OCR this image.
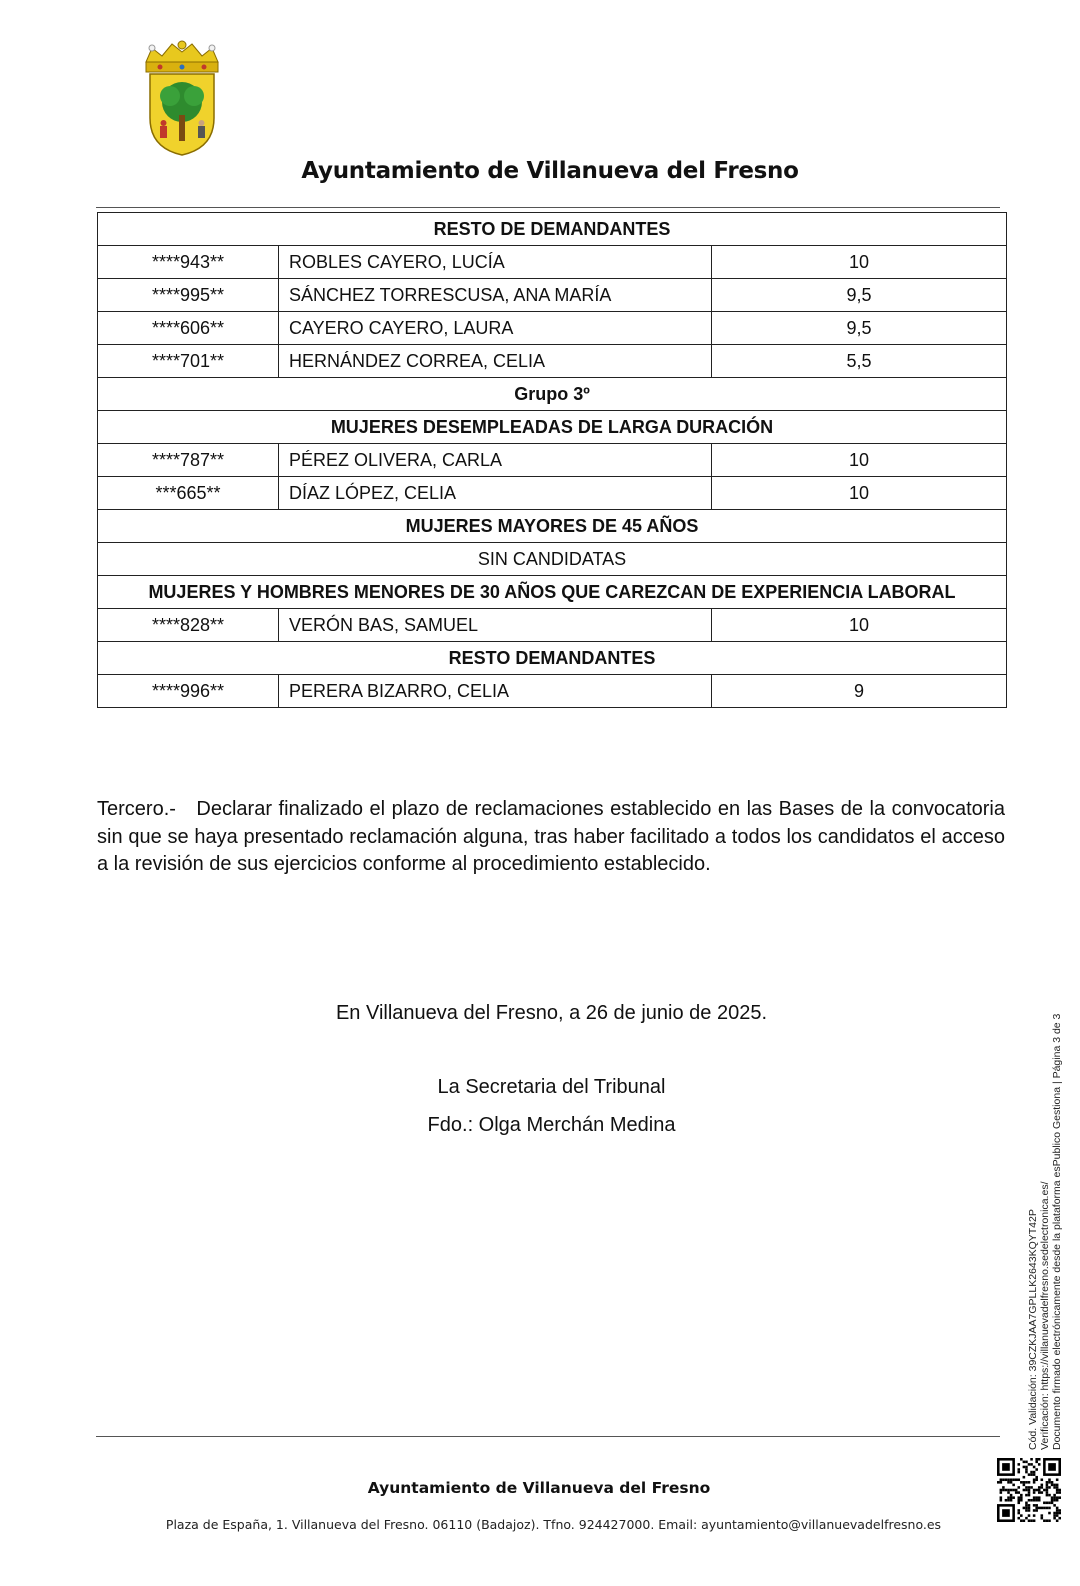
Ayuntamiento de Villanueva del Fresno
RESTO DE DEMANDANTES		
****943**	ROBLES CAYERO, LUCÍA	10
****995**	SÁNCHEZ TORRESCUSA, ANA MARÍA	9,5
****606**	CAYERO CAYERO, LAURA	9,5
****701**	HERNÁNDEZ CORREA, CELIA	5,5
Grupo 3º		
MUJERES DESEMPLEADAS DE LARGA DURACIÓN		
****787**	PÉREZ OLIVERA, CARLA	10
***665**	DÍAZ LÓPEZ, CELIA	10
MUJERES MAYORES DE 45 AÑOS		
SIN CANDIDATAS		
MUJERES Y HOMBRES MENORES DE 30 AÑOS QUE CAREZCAN DE EXPERIENCIA LABORAL		
****828**	VERÓN BAS, SAMUEL	10
RESTO DEMANDANTES		
****996**	PERERA BIZARRO, CELIA	9
Tercero.- Declarar finalizado el plazo de reclamaciones establecido en las Bases de la convocatoria sin que se haya presentado reclamación alguna, tras haber facilitado a todos los candidatos el acceso a la revisión de sus ejercicios conforme al procedimiento establecido.
En Villanueva del Fresno, a 26 de junio de 2025.
La Secretaria del Tribunal
Fdo.: Olga Merchán Medina
Cód. Validación: 39CZKJAA7GPLLK2643KQYT42P Verificación: https://villanuevadelfresno.sedelectronica.es/ Documento firmado electrónicamente desde la plataforma esPublico Gestiona | Página 3 de 3
Ayuntamiento de Villanueva del Fresno
Plaza de España, 1. Villanueva del Fresno. 06110 (Badajoz). Tfno. 924427000. Email: ayuntamiento@villanuevadelfresno.es
